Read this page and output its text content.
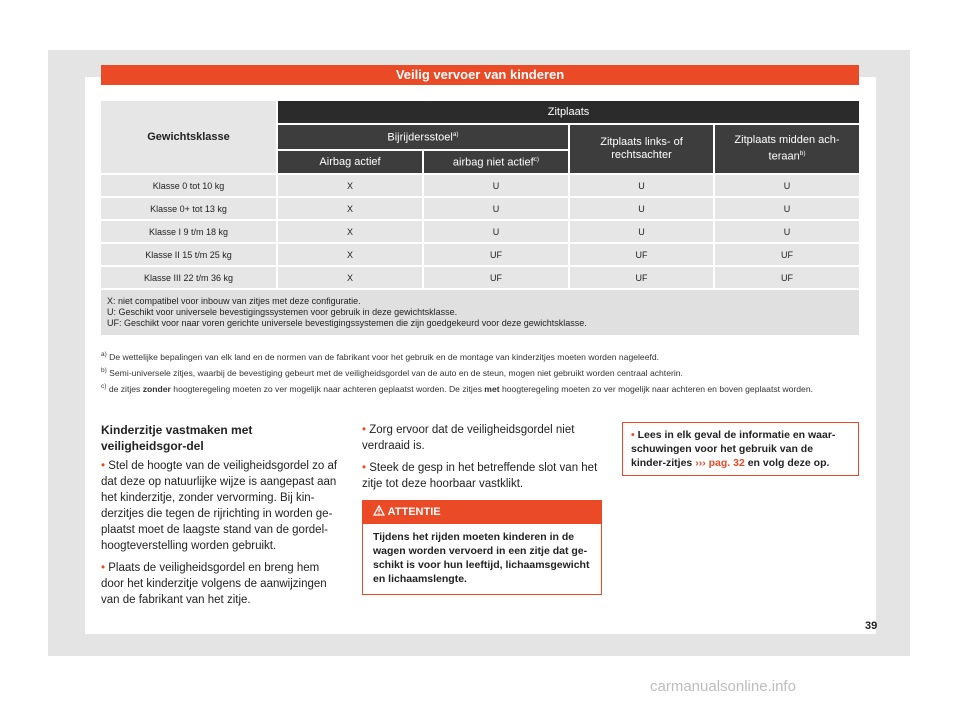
Veilig vervoer van kinderen
Gewichtsklasse	Zitplaats			
	Bijrijdersstoel$^{a)}$		Zitplaats links- of rechtsachter	Zitplaats midden ach-teraan$^{b)}$
	Airbag actief	airbag niet actief$^{c)}$
Klasse 0 tot 10 kg	X	U	U	U
Klasse 0+ tot 13 kg	X	U	U	U
Klasse I 9 t/m 18 kg	X	U	U	U
Klasse II 15 t/m 25 kg	X	UF	UF	UF
Klasse III 22 t/m 36 kg	X	UF	UF	UF

X: niet compatibel voor inbouw van zitjes met deze configuratie.
U: Geschikt voor universele bevestigingssystemen voor gebruik in deze gewichtsklasse.
UF: Geschikt voor naar voren gerichte universele bevestigingssystemen die zijn goedgekeurd voor deze gewichtsklasse.				
$^{a)}$ De wettelijke bepalingen van elk land en de normen van de fabrikant voor het gebruik en de montage van kinderzitjes moeten worden nageleefd.
$^{b)}$ Semi-universele zitjes, waarbij de bevestiging gebeurt met de veiligheidsgordel van de auto en de steun, mogen niet gebruikt worden centraal achterin.
$^{c)}$ de zitjes zonder hoogteregeling moeten zo ver mogelijk naar achteren geplaatst worden. De zitjes met hoogteregeling moeten zo ver mogelijk naar achteren en boven geplaatst worden.
Kinderzitje vastmaken met veiligheidsgor-del

• Stel de hoogte van de veiligheidsgordel zo af dat deze op natuurlijke wijze is aangepast aan het kinderzitje, zonder vervorming. Bij kin-derzitjes die tegen de rijrichting in worden ge-plaatst moet de laagste stand van de gordel-hoogteverstelling worden gebruikt.

• Plaats de veiligheidsgordel en breng hem door het kinderzitje volgens de aanwijzingen van de fabrikant van het zitje.

• Zorg ervoor dat de veiligheidsgordel niet verdraaid is.

• Steek de gesp in het betreffende slot van het zitje tot deze hoorbaar vastklikt.

ATTENTIE
Tijdens het rijden moeten kinderen in de wagen worden vervoerd in een zitje dat ge-schikt is voor hun leeftijd, lichaamsgewicht en lichaamslengte.
• Lees in elk geval de informatie en waar-schuwingen voor het gebruik van de kinder-zitjes ››› pag. 32 en volg deze op.
39
carmanualsonline.info
